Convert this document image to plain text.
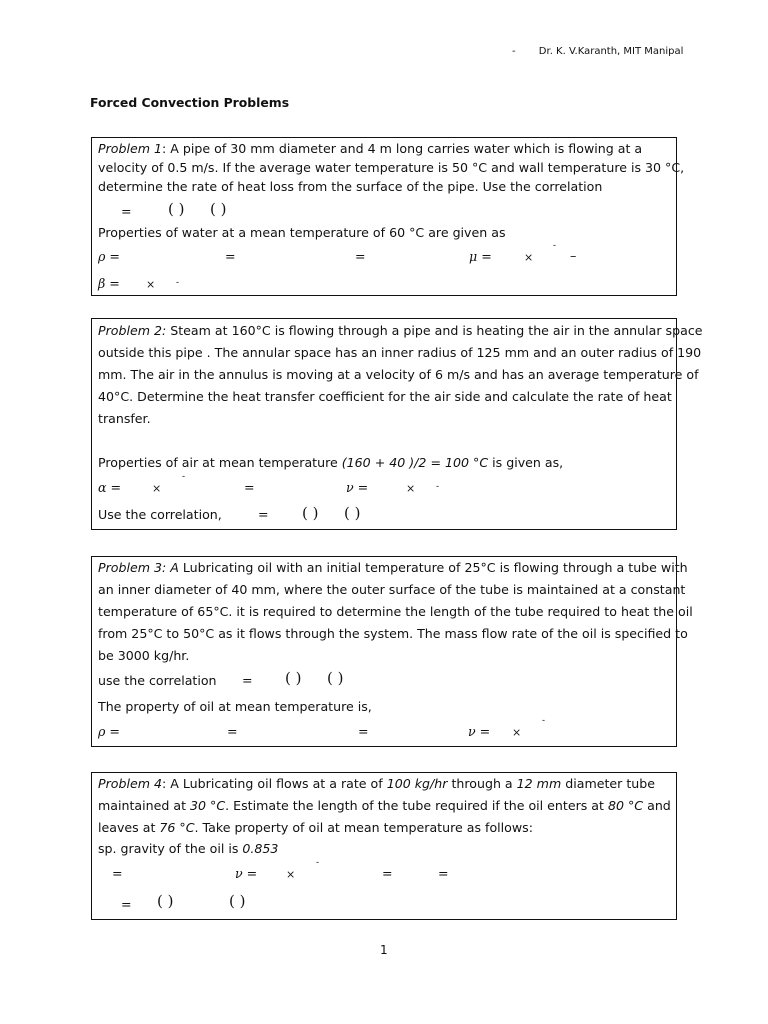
- Dr. K. V.Karanth, MIT Manipal
Forced Convection Problems
Problem 1: A pipe of 30 mm diameter and 4 m long carries water which is flowing at a
velocity of 0.5 m/s. If the average water temperature is 50 °C and wall temperature is 30 °C,
determine the rate of heat loss from the surface of the pipe. Use the correlation
= ( ) ( )
Properties of water at a mean temperature of 60 °C are given as
ρ =	=	=	μ =	×
-
–
β = × -
Problem 2: Steam at 160°C is flowing through a pipe and is heating the air in the annular space
outside this pipe . The annular space has an inner radius of 125 mm and an outer radius of 190
mm. The air in the annulus is moving at a velocity of 6 m/s and has an average temperature of
40°C. Determine the heat transfer coefficient for the air side and calculate the rate of heat
transfer.
Properties of air at mean temperature (160 + 40 )/2 = 100 °C is given as,
α =	×
-
=	ν =	× -
Use the correlation,	= ( ) ( )
Problem 3: A Lubricating oil with an initial temperature of 25°C is flowing through a tube with
an inner diameter of 40 mm, where the outer surface of the tube is maintained at a constant
temperature of 65°C. it is required to determine the length of the tube required to heat the oil
from 25°C to 50°C as it flows through the system. The mass flow rate of the oil is specified to
be 3000 kg/hr.
use the correlation = ( ) ( )
The property of oil at mean temperature is,
ρ =	=	=	ν = ×
-
Problem 4: A Lubricating oil flows at a rate of 100 kg/hr through a 12 mm diameter tube
maintained at 30 °C. Estimate the length of the tube required if the oil enters at 80 °C and
leaves at 76 °C. Take property of oil at mean temperature as follows:
sp. gravity of the oil is 0.853
=	ν =	×
-
=	=
= ( )	( )
1
